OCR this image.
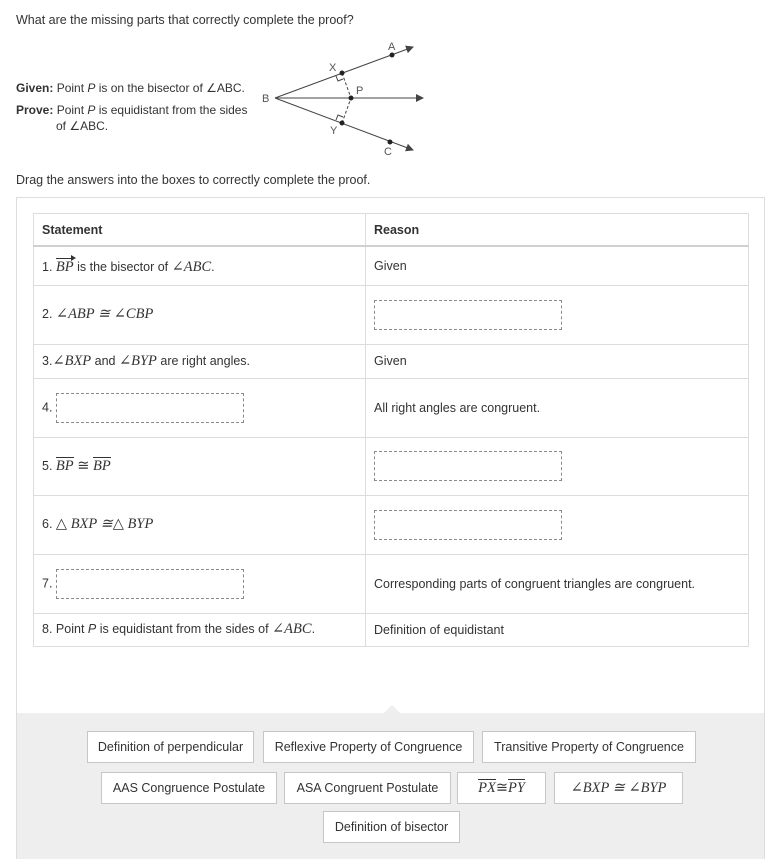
What are the missing parts that correctly complete the proof?
Given: Point P is on the bisector of ∠ABC.
Prove: Point P is equidistant from the sides
of ∠ABC.
A
B
C
P
X
Y
Drag the answers into the boxes to correctly complete the proof.
Statement	Reason
1. BP is the bisector of ∠ABC.	Given
2. ∠ABP ≅ ∠CBP	
3.∠BXP and ∠BYP are right angles.	Given
4.	All right angles are congruent.
5. BP ≅ BP	
6. △ BXP ≅△ BYP	
7.	Corresponding parts of congruent triangles are congruent.
8. Point P is equidistant from the sides of ∠ABC.	Definition of equidistant
Definition of perpendicular	Reflexive Property of Congruence	Transitive Property of Congruence
AAS Congruence Postulate	ASA Congruent Postulate	PX ≅ PY	∠BXP ≅ ∠BYP
Definition of bisector
